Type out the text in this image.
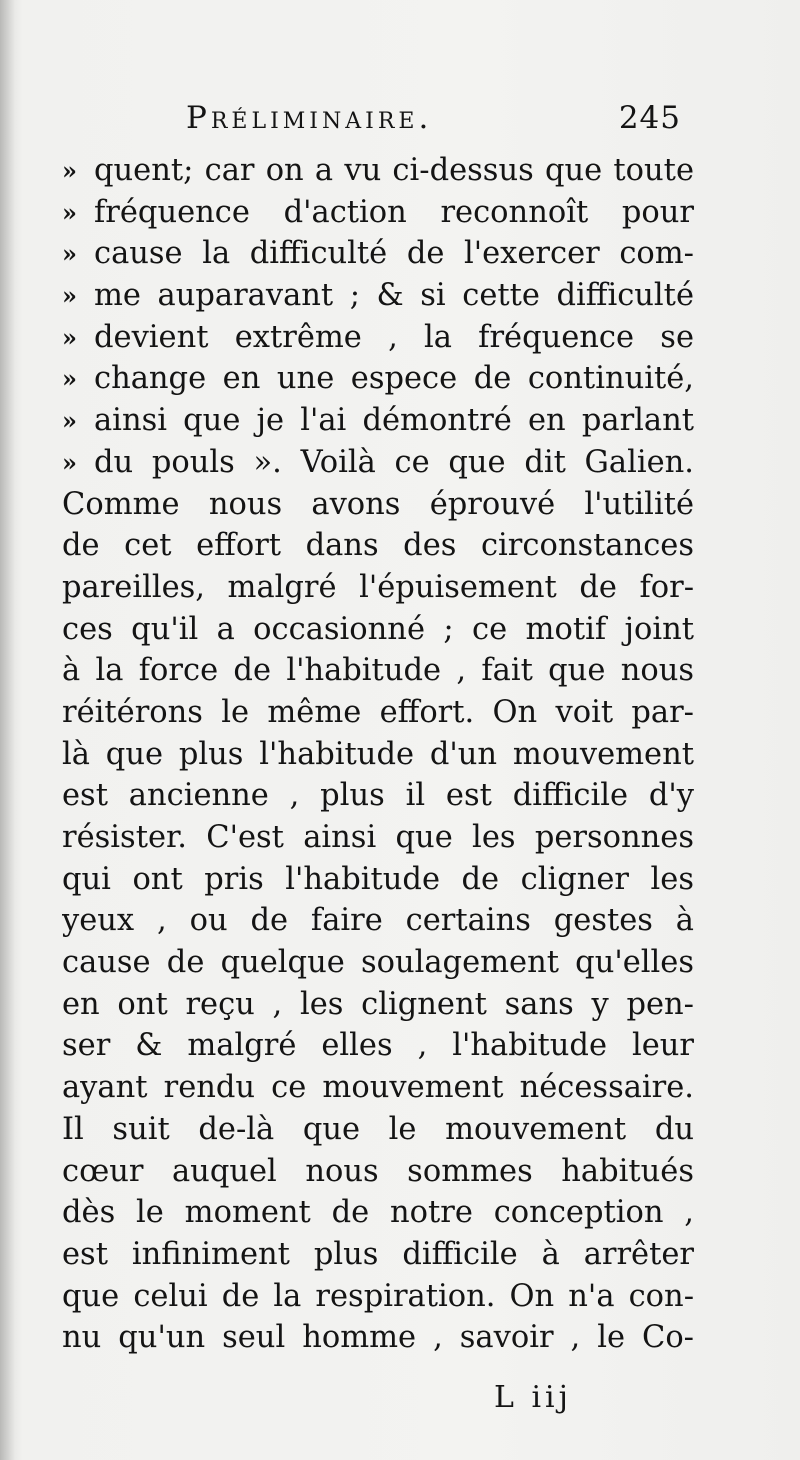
Préliminaire.	245
» quent; car on a vu ci-dessus que toute
» fréquence d'action reconnoît pour
» cause la difficulté de l'exercer com-
» me auparavant ; & si cette difficulté
» devient extrême , la fréquence se
» change en une espece de continuité,
» ainsi que je l'ai démontré en parlant
» du pouls ». Voilà ce que dit Galien.
Comme nous avons éprouvé l'utilité
de cet effort dans des circonstances
pareilles, malgré l'épuisement de for-
ces qu'il a occasionné ; ce motif joint
à la force de l'habitude , fait que nous
réitérons le même effort. On voit par-
là que plus l'habitude d'un mouvement
est ancienne , plus il est difficile d'y
résister. C'est ainsi que les personnes
qui ont pris l'habitude de cligner les
yeux , ou de faire certains gestes à
cause de quelque soulagement qu'elles
en ont reçu , les clignent sans y pen-
ser & malgré elles , l'habitude leur
ayant rendu ce mouvement nécessaire.
Il suit de-là que le mouvement du
cœur auquel nous sommes habitués
dès le moment de notre conception ,
est infiniment plus difficile à arrêter
que celui de la respiration. On n'a con-
nu qu'un seul homme , savoir , le Co-
L iij
